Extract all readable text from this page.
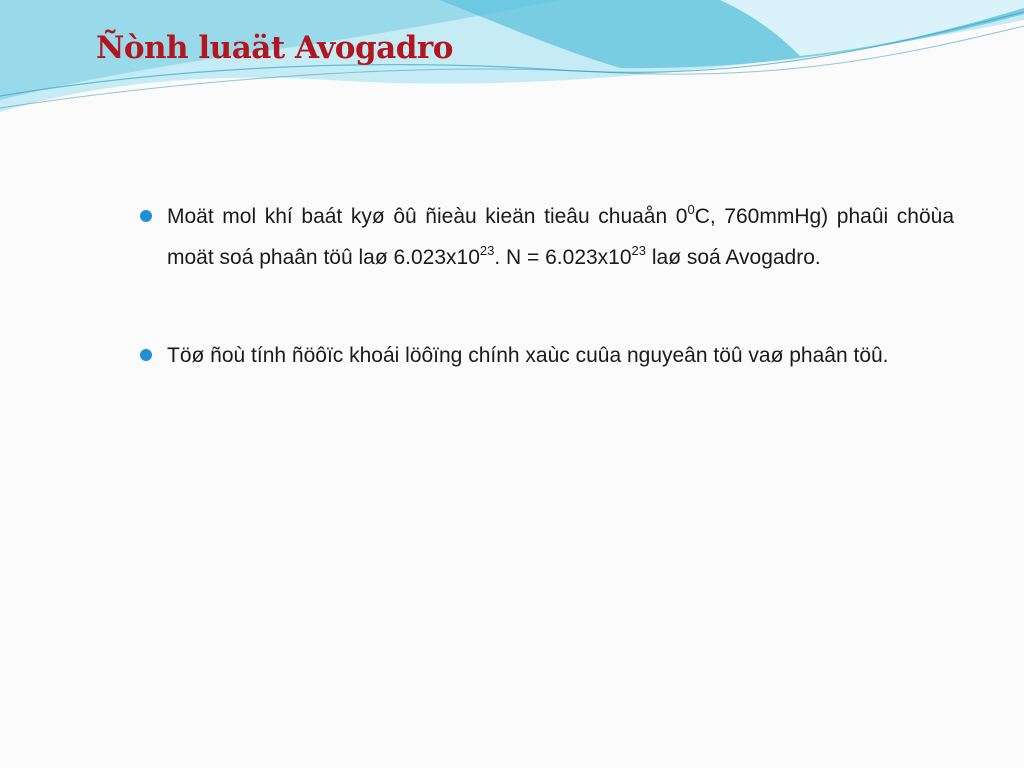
Ñònh luaät Avogadro
Moät mol khí baát kyø ôû ñieàu kieän tieâu chuaån $0^0C$, 760mmHg) phaûi chöùa moät soá phaân töû laø $6.023x10^{23}$. $N = 6.023x10^{23}$ laø soá Avogadro.
Töø ñoù tính ñöôïc khoái löôïng chính xaùc cuûa nguyeân töû vaø phaân töû.
